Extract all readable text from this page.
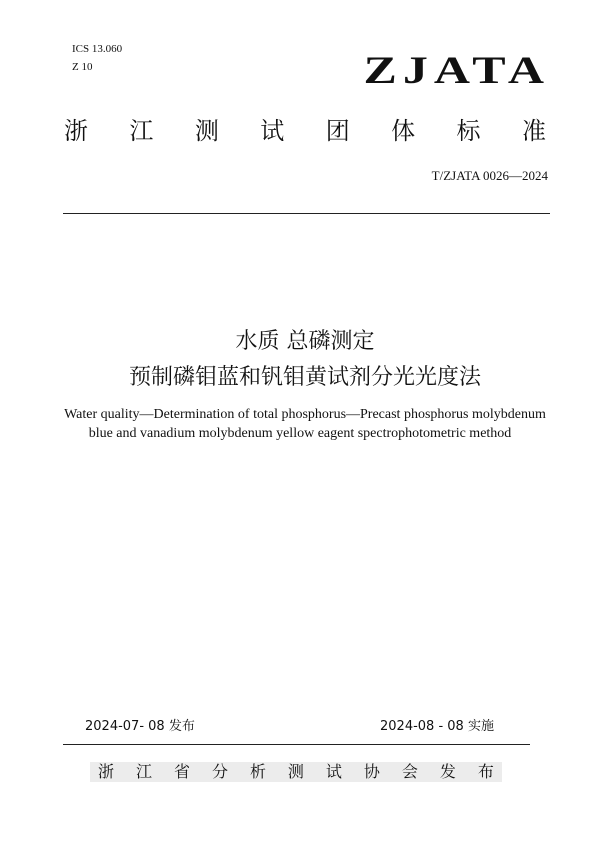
ICS 13.060

Z 10	ZJATA
浙 江 测 试 团 体 标 准

T/ZJATA 0026—2024

水质 总磷测定

预制磷钼蓝和钒钼黄试剂分光光度法

Water quality—Determination of total phosphorus—Precast phosphorus molybdenum

blue and vanadium molybdenum yellow eagent spectrophotometric method

2024-07- 08 发布	2024-08 - 08 实施

浙 江 省 分 析 测 试 协 会 发 布
